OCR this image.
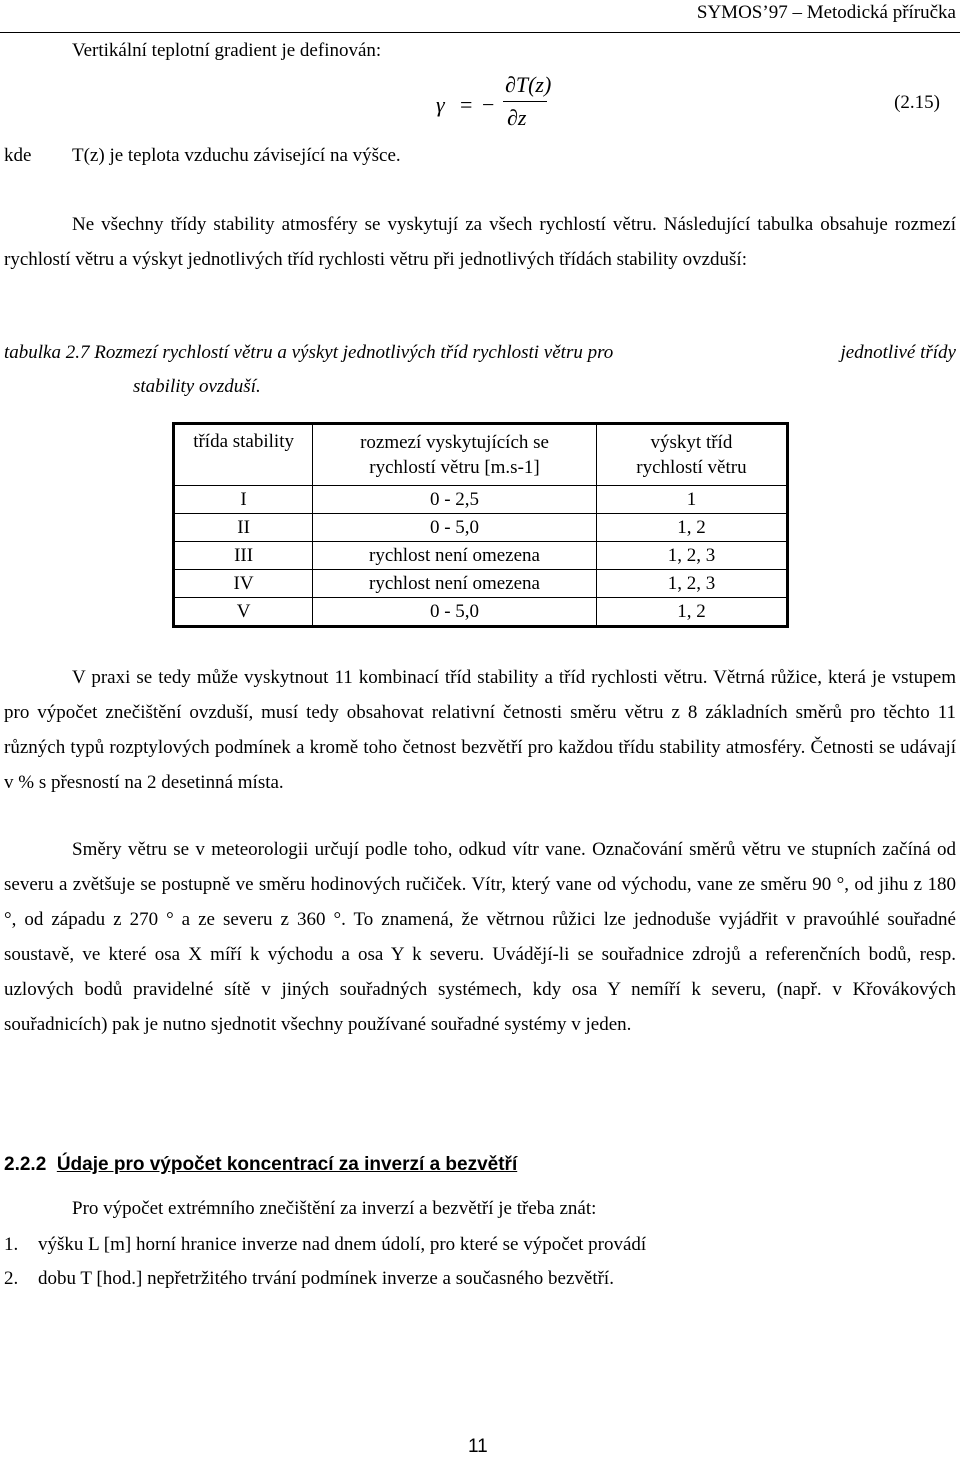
SYMOS’97 – Metodická příručka
Vertikální teplotní gradient je definován:
γ = −
∂T(z)
∂z
(2.15)
kde T(z) je teplota vzduchu závisející na výšce.
Ne všechny třídy stability atmosféry se vyskytují za všech rychlostí větru. Následující tabulka obsahuje rozmezí rychlostí větru a výskyt jednotlivých tříd rychlosti větru při jednotlivých třídách stability ovzduší:
tabulka 2.7 Rozmezí rychlostí větru a výskyt jednotlivých tříd rychlosti větru pro	jednotlivé třídy
stability ovzduší.
třída stability	rozmezí vyskytujících se rychlostí větru [m.s-1]	výskyt tříd rychlostí větru
I	0 - 2,5	1
II	0 - 5,0	1, 2
III	rychlost není omezena	1, 2, 3
IV	rychlost není omezena	1, 2, 3
V	0 - 5,0	1, 2
V praxi se tedy může vyskytnout 11 kombinací tříd stability a tříd rychlosti větru. Větrná růžice, která je vstupem pro výpočet znečištění ovzduší, musí tedy obsahovat relativní četnosti směru větru z 8 základních směrů pro těchto 11 různých typů rozptylových podmínek a kromě toho četnost bezvětří pro každou třídu stability atmosféry. Četnosti se udávají v % s přesností na 2 desetinná místa.
Směry větru se v meteorologii určují podle toho, odkud vítr vane. Označování směrů větru ve stupních začíná od severu a zvětšuje se postupně ve směru hodinových ručiček. Vítr, který vane od východu, vane ze směru 90 °, od jihu z 180 °, od západu z 270 ° a ze severu z 360 °. To znamená, že větrnou růžici lze jednoduše vyjádřit v pravoúhlé souřadné soustavě, ve které osa X míří k východu a osa Y k severu. Uvádějí-li se souřadnice zdrojů a referenčních bodů, resp. uzlových bodů pravidelné sítě v jiných souřadných systémech, kdy osa Y nemíří k severu, (např. v Křovákových souřadnicích) pak je nutno sjednotit všechny používané souřadné systémy v jeden.
2.2.2 Údaje pro výpočet koncentrací za inverzí a bezvětří
Pro výpočet extrémního znečištění za inverzí a bezvětří je třeba znát:
1. výšku L [m] horní hranice inverze nad dnem údolí, pro které se výpočet provádí
2. dobu T [hod.] nepřetržitého trvání podmínek inverze a současného bezvětří.
11
